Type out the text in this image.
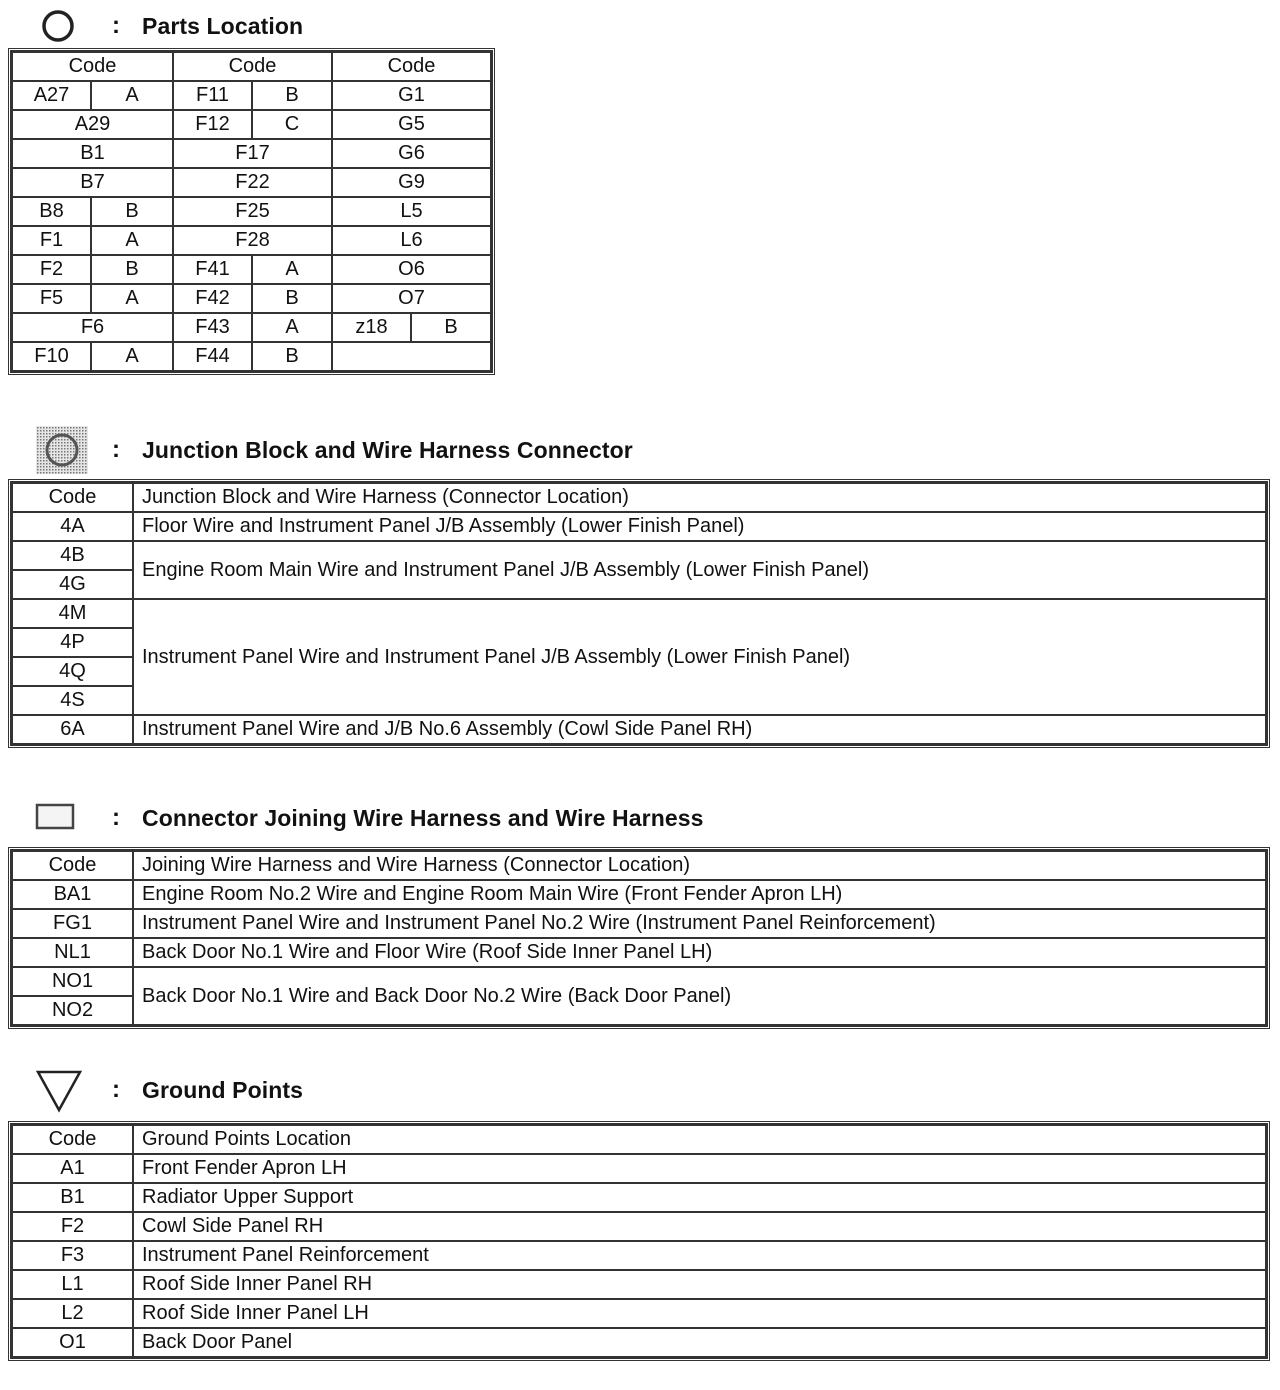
: Parts Location
Code		Code		Code	
A27	A	F11	B	G1	
A29		F12	C	G5	
B1		F17		G6	
B7		F22		G9	
B8	B	F25		L5	
F1	A	F28		L6	
F2	B	F41	A	O6	
F5	A	F42	B	O7	
F6		F43	A	z18	B
F10	A	F44	B		
: Junction Block and Wire Harness Connector
Code	Junction Block and Wire Harness (Connector Location)
4A	Floor Wire and Instrument Panel J/B Assembly (Lower Finish Panel)
4B	Engine Room Main Wire and Instrument Panel J/B Assembly (Lower Finish Panel)
4G	
4M	Instrument Panel Wire and Instrument Panel J/B Assembly (Lower Finish Panel)
4P	
4Q	
4S	
6A	Instrument Panel Wire and J/B No.6 Assembly (Cowl Side Panel RH)
: Connector Joining Wire Harness and Wire Harness
Code	Joining Wire Harness and Wire Harness (Connector Location)
BA1	Engine Room No.2 Wire and Engine Room Main Wire (Front Fender Apron LH)
FG1	Instrument Panel Wire and Instrument Panel No.2 Wire (Instrument Panel Reinforcement)
NL1	Back Door No.1 Wire and Floor Wire (Roof Side Inner Panel LH)
NO1	Back Door No.1 Wire and Back Door No.2 Wire (Back Door Panel)
NO2	
: Ground Points
Code	Ground Points Location
A1	Front Fender Apron LH
B1	Radiator Upper Support
F2	Cowl Side Panel RH
F3	Instrument Panel Reinforcement
L1	Roof Side Inner Panel RH
L2	Roof Side Inner Panel LH
O1	Back Door Panel
